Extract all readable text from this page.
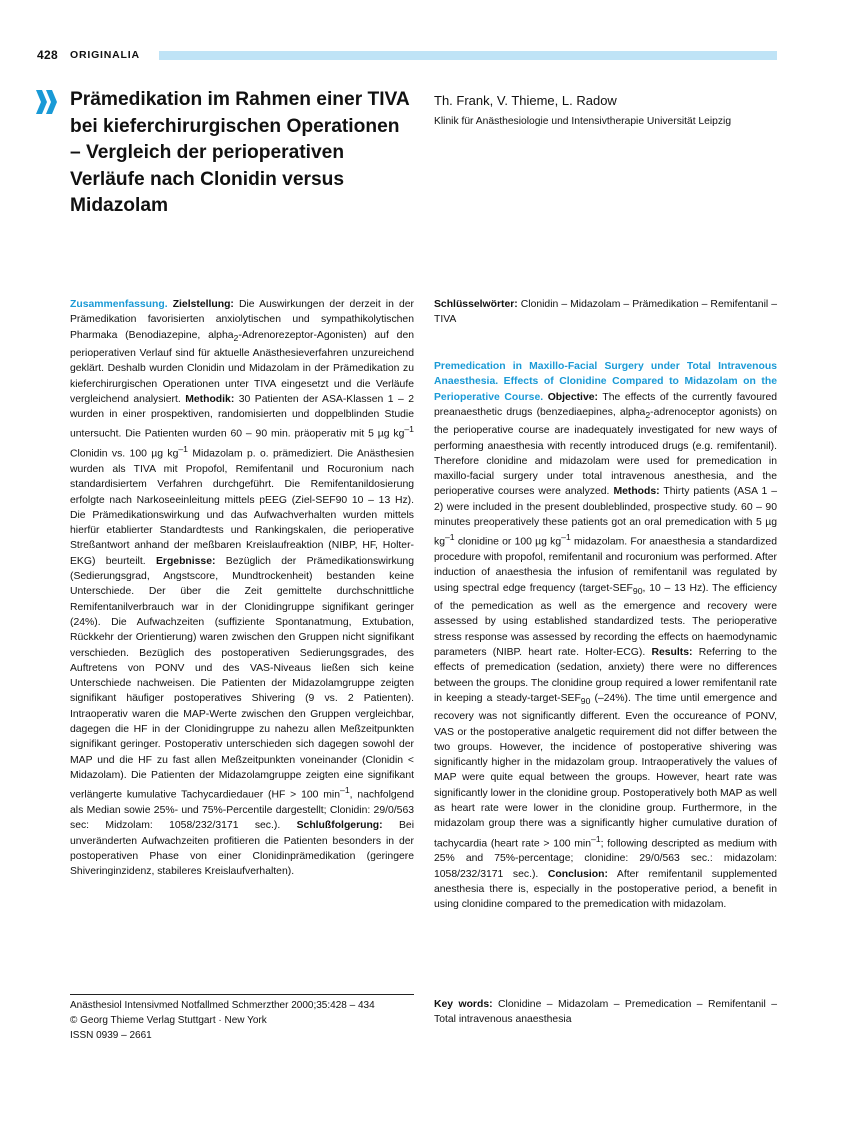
428 ORIGINALIA
Prämedikation im Rahmen einer TIVA bei kieferchirurgischen Operationen – Vergleich der perioperativen Verläufe nach Clonidin versus Midazolam

Th. Frank, V. Thieme, L. Radow

Klinik für Anästhesiologie und Intensivtherapie Universität Leipzig

Zusammenfassung. Zielstellung: Die Auswirkungen der derzeit in der Prämedikation favorisierten anxiolytischen und sympathikolytischen Pharmaka (Benodiazepine, alpha$_2$-Adrenorezeptor-Agonisten) auf den perioperativen Verlauf sind für aktuelle Anästhesieverfahren unzureichend geklärt. Deshalb wurden Clonidin und Midazolam in der Prämedikation zu kieferchirurgischen Operationen unter TIVA eingesetzt und die Verläufe vergleichend analysiert. Methodik: 30 Patienten der ASA-Klassen 1 – 2 wurden in einer prospektiven, randomisierten und doppelblinden Studie untersucht. Die Patienten wurden 60 – 90 min. präoperativ mit 5 µg $kg^{-1}$ Clonidin vs. 100 µg $kg^{-1}$ Midazolam p. o. prämediziert. Die Anästhesien wurden als TIVA mit Propofol, Remifentanil und Rocuronium nach standardisiertem Verfahren durchgeführt. Die Remifentanildosierung erfolgte nach Narkoseeinleitung mittels pEEG (Ziel-SEF90 10 – 13 Hz). Die Prämedikationswirkung und das Aufwachverhalten wurden mittels hierfür etablierter Standardtests und Rankingskalen, die perioperative Streßantwort anhand der meßbaren Kreislaufreaktion (NIBP, HF, Holter-EKG) beurteilt. Ergebnisse: Bezüglich der Prämedikationswirkung (Sedierungsgrad, Angstscore, Mundtrockenheit) bestanden keine Unterschiede. Der über die Zeit gemittelte durchschnittliche Remifentanilverbrauch war in der Clonidingruppe signifikant geringer (24%). Die Aufwachzeiten (suffiziente Spontanatmung, Extubation, Rückkehr der Orientierung) waren zwischen den Gruppen nicht signifikant verschieden. Bezüglich des postoperativen Sedierungsgrades, des Auftretens von PONV und des VAS-Niveaus ließen sich keine Unterschiede nachweisen. Die Patienten der Midazolamgruppe zeigten signifikant häufiger postoperatives Shivering (9 vs. 2 Patienten). Intraoperativ waren die MAP-Werte zwischen den Gruppen vergleichbar, dagegen die HF in der Clonidingruppe zu nahezu allen Meßzeitpunkten signifikant geringer. Postoperativ unterschieden sich dagegen sowohl der MAP und die HF zu fast allen Meßzeitpunkten voneinander (Clonidin < Midazolam). Die Patienten der Midazolamgruppe zeigten eine signifikant verlängerte kumulative Tachycardiedauer (HF > 100 $\min^{-1}$, nachfolgend als Median sowie 25%- und 75%-Percentile dargestellt; Clonidin: 29/0/563 sec: Midzolam: 1058/232/3171 sec.). Schlußfolgerung: Bei unveränderten Aufwachzeiten profitieren die Patienten besonders in der postoperativen Phase von einer Clonidinprämedikation (geringere Shiveringinzidenz, stabileres Kreislaufverhalten).

Schlüsselwörter: Clonidin – Midazolam – Prämedikation – Remifentanil – TIVA

Premedication in Maxillo-Facial Surgery under Total Intravenous Anaesthesia. Effects of Clonidine Compared to Midazolam on the Perioperative Course. Objective: The effects of the currently favoured preanaesthetic drugs (benzediaepines, alpha$_2$-adrenoceptor agonists) on the perioperative course are inadequately investigated for new ways of performing anaesthesia with recently introduced drugs (e.g. remifentanil). Therefore clonidine and midazolam were used for premedication in maxillo-facial surgery under total intravenous anesthesia, and the perioperative courses were analyzed. Methods: Thirty patients (ASA 1 – 2) were included in the present doubleblinded, prospective study. 60 – 90 minutes preoperatively these patients got an oral premedication with 5 µg $kg^{-1}$ clonidine or 100 µg $kg^{-1}$ midazolam. For anaesthesia a standardized procedure with propofol, remifentanil and rocuronium was performed. After induction of anaesthesia the infusion of remifentanil was regulated by using spectral edge frequency ($target-SEF_{90}$, 10 – 13 Hz). The efficiency of the pemedication as well as the emergence and recovery were assessed by using established standardized tests. The perioperative stress response was assessed by recording the effects on haemodynamic parameters (NIBP. heart rate. Holter-ECG). Results: Referring to the effects of premedication (sedation, anxiety) there were no differences between the groups. The clonidine group required a lower remifentanil rate in keeping a steady-$target-SEF_{90}$ (–24%). The time until emergence and recovery was not significantly different. Even the occureance of PONV, VAS or the postoperative analgetic requirement did not differ between the two groups. However, the incidence of postoperative shivering was significantly higher in the midazolam group. Intraoperatively the values of MAP were quite equal between the groups. However, heart rate was significantly lower in the clonidine group. Postoperatively both MAP as well as heart rate were lower in the clonidine group. Furthermore, in the midazolam group there was a significantly higher cumulative duration of tachycardia (heart rate > 100 $\min^{-1}$; following descripted as medium with 25% and 75%-percentage; clonidine: 29/0/563 sec.: midazolam: 1058/232/3171 sec.). Conclusion: After remifentanil supplemented anesthesia there is, especially in the postoperative period, a benefit in using clonidine compared to the premedication with midazolam.

Anästhesiol Intensivmed Notfallmed Schmerzther 2000;35:428 – 434
© Georg Thieme Verlag Stuttgart · New York
ISSN 0939 – 2661

Key words: Clonidine – Midazolam – Premedication – Remifentanil – Total intravenous anaesthesia
